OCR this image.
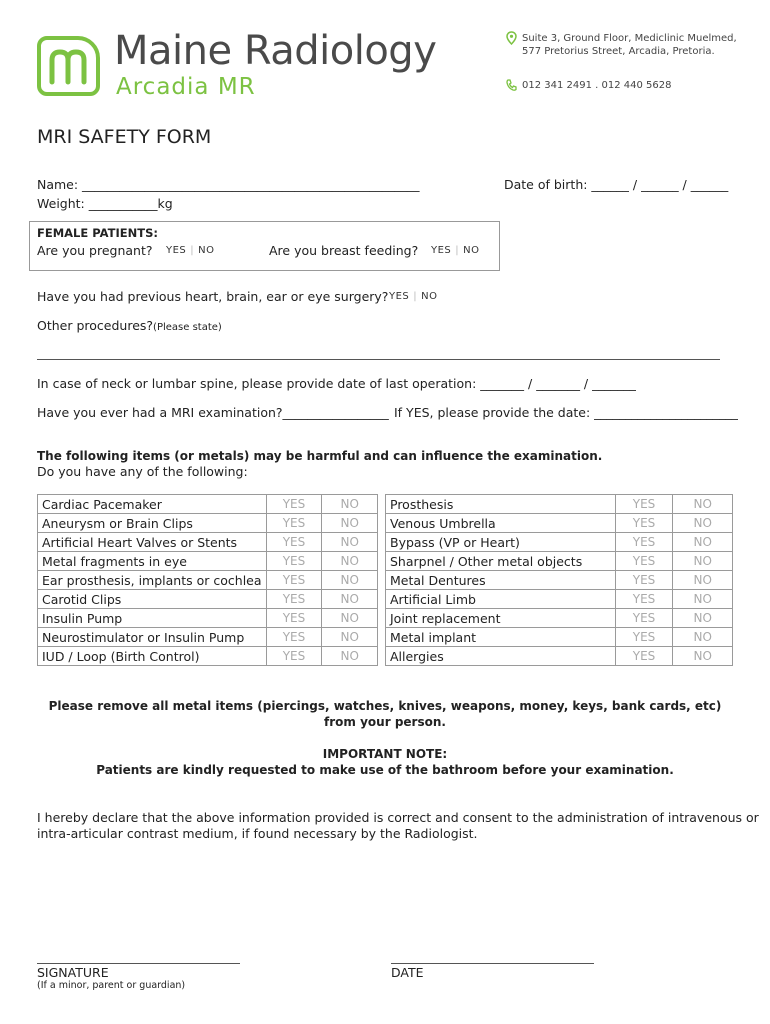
Maine Radiology
Arcadia MR
Suite 3, Ground Floor, Mediclinic Muelmed, 577 Pretorius Street, Arcadia, Pretoria.
012 341 2491 . 012 440 5628
MRI SAFETY FORM
Name: ______________________________________________________	Date of birth: ______ / ______ / ______
Weight: ___________kg
FEMALE PATIENTS:
Are you pregnant? YES | NO	Are you breast feeding? YES | NO
Have you had previous heart, brain, ear or eye surgery? YES | NO
Other procedures?(Please state)
In case of neck or lumbar spine, please provide date of last operation: _______ / _______ / _______
Have you ever had a MRI examination?_________________ If YES, please provide the date: _______________________
The following items (or metals) may be harmful and can influence the examination.
Do you have any of the following:
Cardiac Pacemaker	YES	NO
Aneurysm or Brain Clips	YES	NO
Artificial Heart Valves or Stents	YES	NO
Metal fragments in eye	YES	NO
Ear prosthesis, implants or cochlea	YES	NO
Carotid Clips	YES	NO
Insulin Pump	YES	NO
Neurostimulator or Insulin Pump	YES	NO
IUD / Loop (Birth Control)	YES	NO
Prosthesis	YES	NO
Venous Umbrella	YES	NO
Bypass (VP or Heart)	YES	NO
Sharpnel / Other metal objects	YES	NO
Metal Dentures	YES	NO
Artificial Limb	YES	NO
Joint replacement	YES	NO
Metal implant	YES	NO
Allergies	YES	NO
Please remove all metal items (piercings, watches, knives, weapons, money, keys, bank cards, etc)
from your person.
IMPORTANT NOTE:
Patients are kindly requested to make use of the bathroom before your examination.
I hereby declare that the above information provided is correct and consent to the administration of intravenous or
intra-articular contrast medium, if found necessary by the Radiologist.
SIGNATURE
(If a minor, parent or guardian)
DATE
